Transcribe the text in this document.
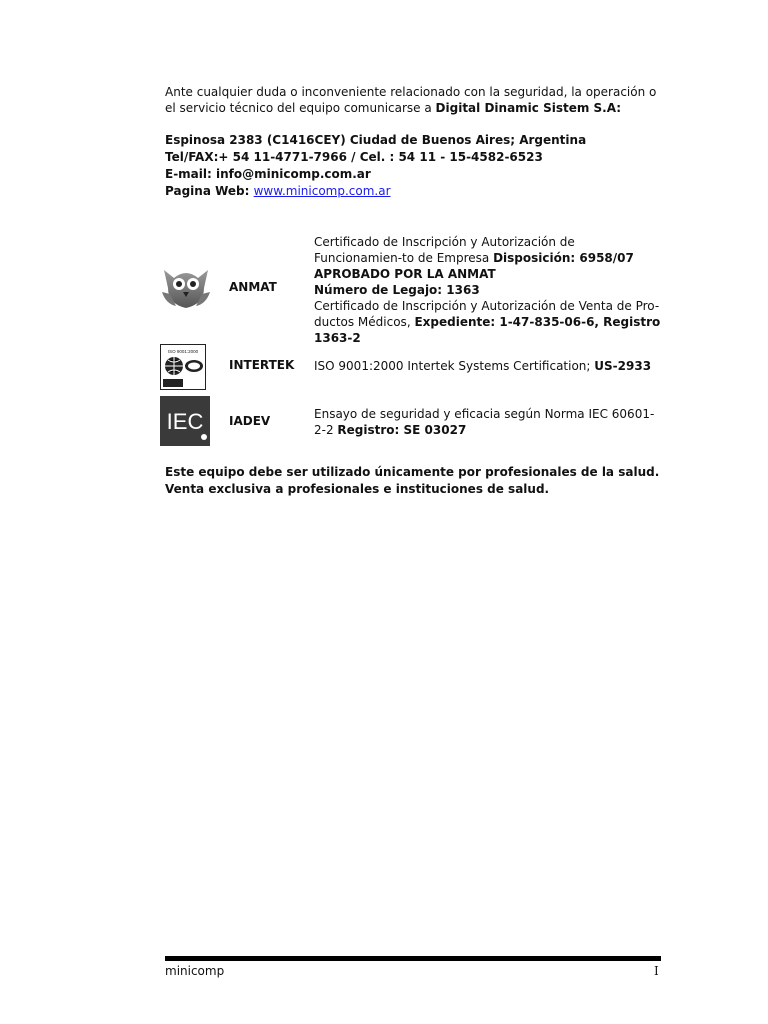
Ante cualquier duda o inconveniente relacionado con la seguridad, la operación o el servicio técnico del equipo comunicarse a Digital Dinamic Sistem S.A:

Espinosa 2383 (C1416CEY) Ciudad de Buenos Aires; Argentina
Tel/FAX:+ 54 11-4771-7966 / Cel. : 54 11 - 15-4582-6523
E-mail: info@minicomp.com.ar
Pagina Web: www.minicomp.com.ar
ANMAT

Certificado de Inscripción y Autorización de Funcionamien-to de Empresa Disposición: 6958/07

APROBADO POR LA ANMAT

Número de Legajo: 1363

Certificado de Inscripción y Autorización de Venta de Pro-ductos Médicos, Expediente: 1-47-835-06-6, Registro 1363-2

ISO 9001:2000
INTERTEK ISO 9001:2000 Intertek Systems Certification; US-2933

IEC IADEV	Ensayo de seguridad y eficacia según Norma IEC 60601-2-2 Registro: SE 03027

Este equipo debe ser utilizado únicamente por profesionales de la salud.

Venta exclusiva a profesionales e instituciones de salud.

minicomp	I
